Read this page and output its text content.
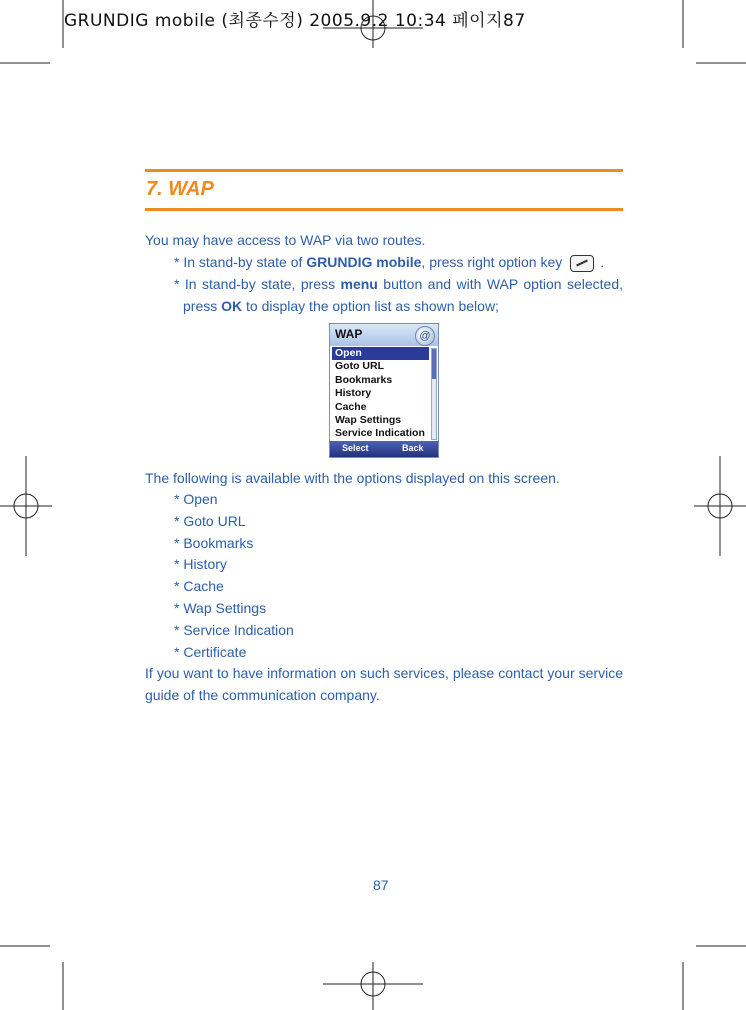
GRUNDIG mobile (최종수정) 2005.9.2 10:34 페이지87
7. WAP
You may have access to WAP via two routes.
* In stand-by state of GRUNDIG mobile, press right option key	.
* In stand-by state, press menu button and with WAP option selected,
press OK to display the option list as shown below;
WAP	@
Open
Goto URL
Bookmarks
History
Cache
Wap Settings
Service Indication
Select	Back
The following is available with the options displayed on this screen.
* Open
* Goto URL
* Bookmarks
* History
* Cache
* Wap Settings
* Service Indication
* Certificate
If you want to have information on such services, please contact your service guide of the communication company.
87
